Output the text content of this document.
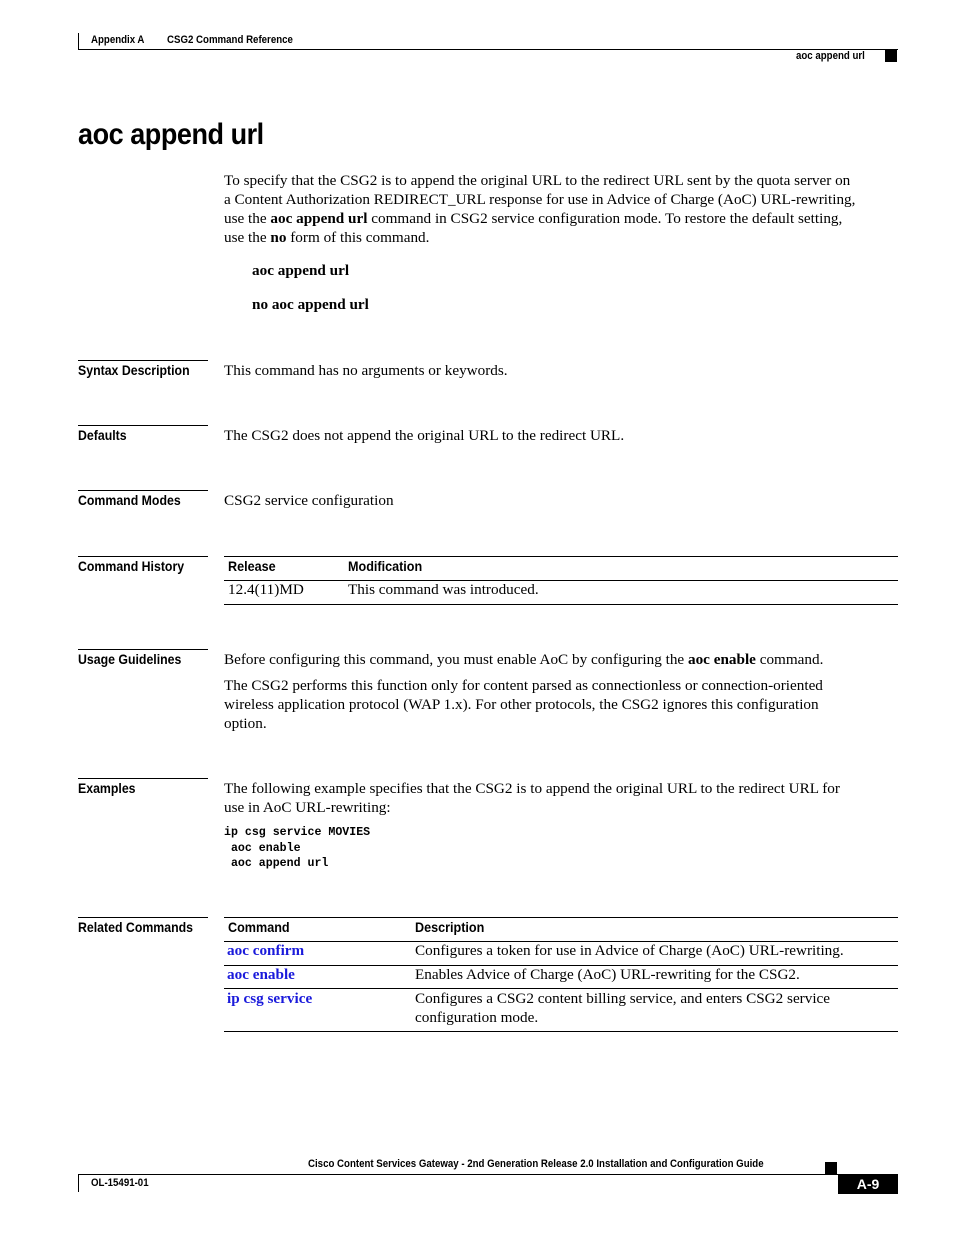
Appendix A CSG2 Command Reference
aoc append url
aoc append url
To specify that the CSG2 is to append the original URL to the redirect URL sent by the quota server on
a Content Authorization REDIRECT_URL response for use in Advice of Charge (AoC) URL-rewriting,
use the aoc append url command in CSG2 service configuration mode. To restore the default setting,
use the no form of this command.
aoc append url
no aoc append url
Syntax Description This command has no arguments or keywords.
Defaults	The CSG2 does not append the original URL to the redirect URL.
Command Modes	CSG2 service configuration
Command History	Release	Modification
12.4(11)MD	This command was introduced.
Usage Guidelines	Before configuring this command, you must enable AoC by configuring the aoc enable command.
The CSG2 performs this function only for content parsed as connectionless or connection-oriented
wireless application protocol (WAP 1.x). For other protocols, the CSG2 ignores this configuration
option.
Examples	The following example specifies that the CSG2 is to append the original URL to the redirect URL for
use in AoC URL-rewriting:
ip csg service MOVIES
aoc enable
aoc append url
Related Commands Command	Description
aoc confirm	Configures a token for use in Advice of Charge (AoC) URL-rewriting.
aoc enable	Enables Advice of Charge (AoC) URL-rewriting for the CSG2.
ip csg service	Configures a CSG2 content billing service, and enters CSG2 service
configuration mode.
Cisco Content Services Gateway - 2nd Generation Release 2.0 Installation and Configuration Guide
OL-15491-01	A-9
